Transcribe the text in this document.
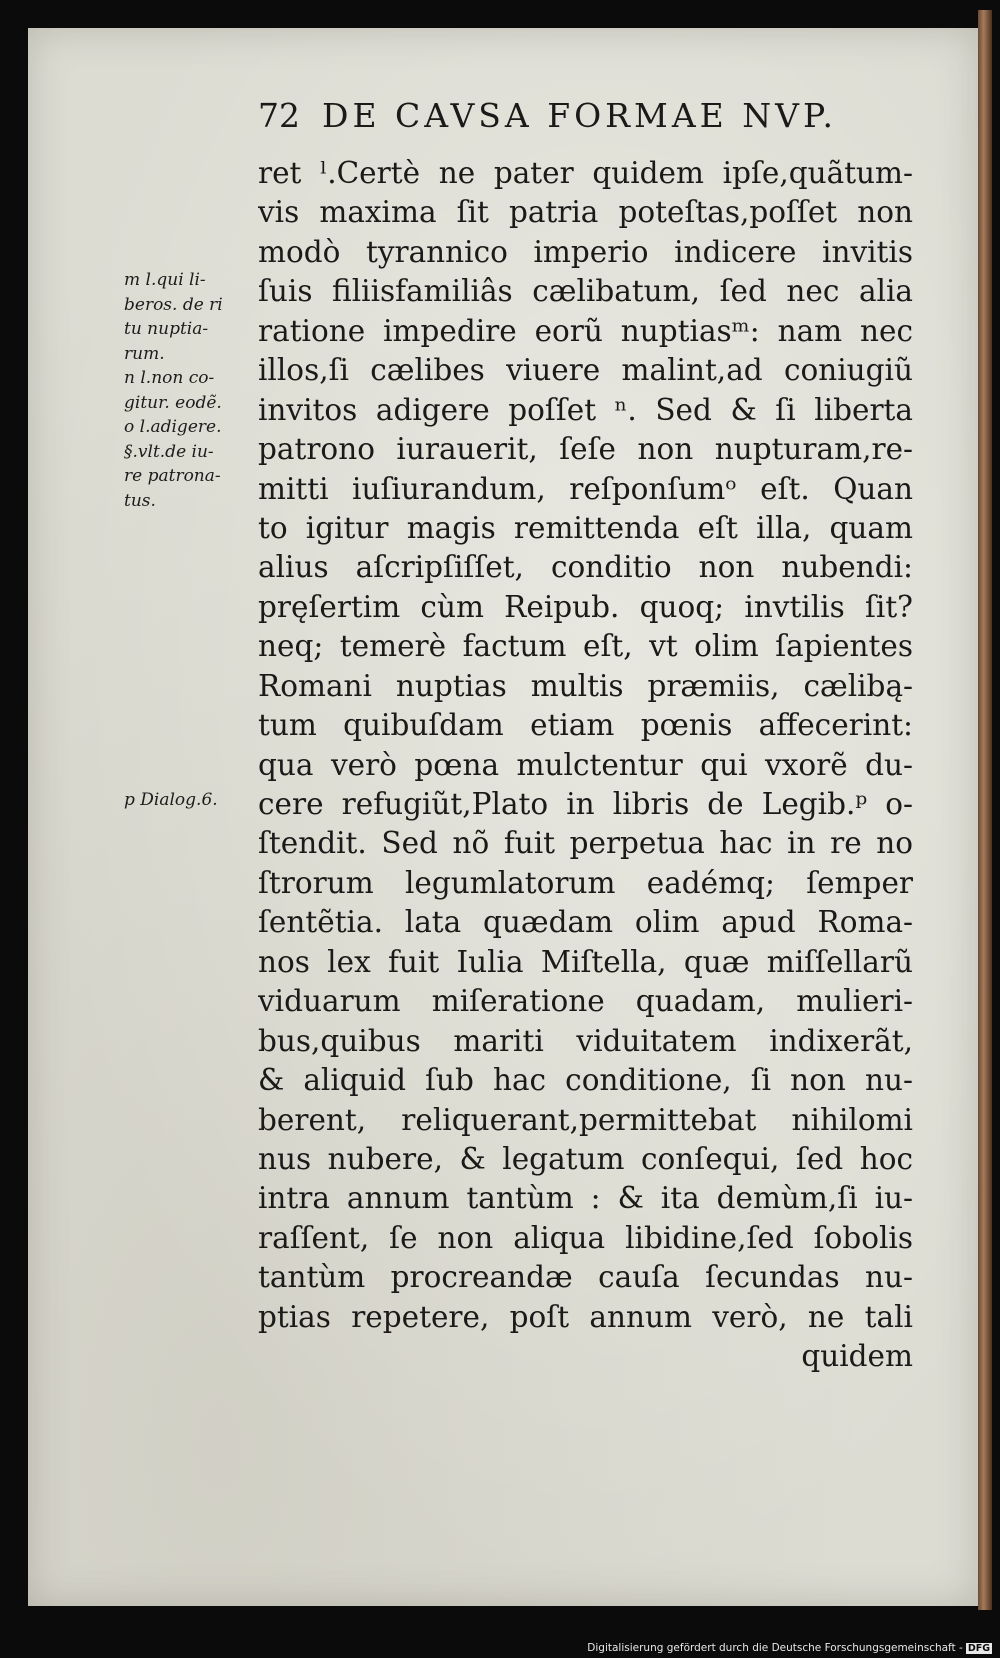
72 DE CAVSA FORMAE NVP.
ret ˡ.Certè ne pater quidem ipſe,quãtum-
vis maxima ſit patria poteſtas,poſſet non
modò tyrannico imperio indicere invitis
ſuis filiisfamiliâs cælibatum, ſed nec alia
ratione impedire eorũ nuptiasᵐ: nam nec
illos,ſi cælibes viuere malint,ad coniugiũ
invitos adigere poſſet ⁿ. Sed & ſi liberta
patrono iurauerit, ſeſe non nupturam,re-
mitti iuſiurandum, reſponſumᵒ eſt. Quan
to igitur magis remittenda eſt illa, quam
alius aſcripſiſſet, conditio non nubendi:
pręſertim cùm Reipub. quoq; invtilis ſit?
neq; temerè factum eſt, vt olim ſapientes
Romani nuptias multis præmiis, cælibą-
tum quibuſdam etiam pœnis affecerint:
qua verò pœna mulctentur qui vxorẽ du-
cere refugiũt,Plato in libris de Legib.ᵖ o-
ſtendit. Sed nõ fuit perpetua hac in re no
ſtrorum legumlatorum eadémq; ſemper
ſentẽtia. lata quædam olim apud Roma-
nos lex fuit Iulia Miſtella, quæ miſſellarũ
viduarum miſeratione quadam, mulieri-
bus,quibus mariti viduitatem indixerãt,
& aliquid ſub hac conditione, ſi non nu-
berent, reliquerant,permittebat nihilomi
nus nubere, & legatum conſequi, ſed hoc
intra annum tantùm : & ita demùm,ſi iu-
raſſent, ſe non aliqua libidine,ſed ſobolis
tantùm procreandæ cauſa ſecundas nu-
ptias repetere, poſt annum verò, ne tali
quidem
m l.qui li-
beros. de ri
tu nuptia-
rum.
n l.non co-
gitur. eodẽ.
o l.adigere.
§.vlt.de iu-
re patrona-
tus.
p Dialog.6.
Digitalisierung gefördert durch die Deutsche Forschungsgemeinschaft - DFG
